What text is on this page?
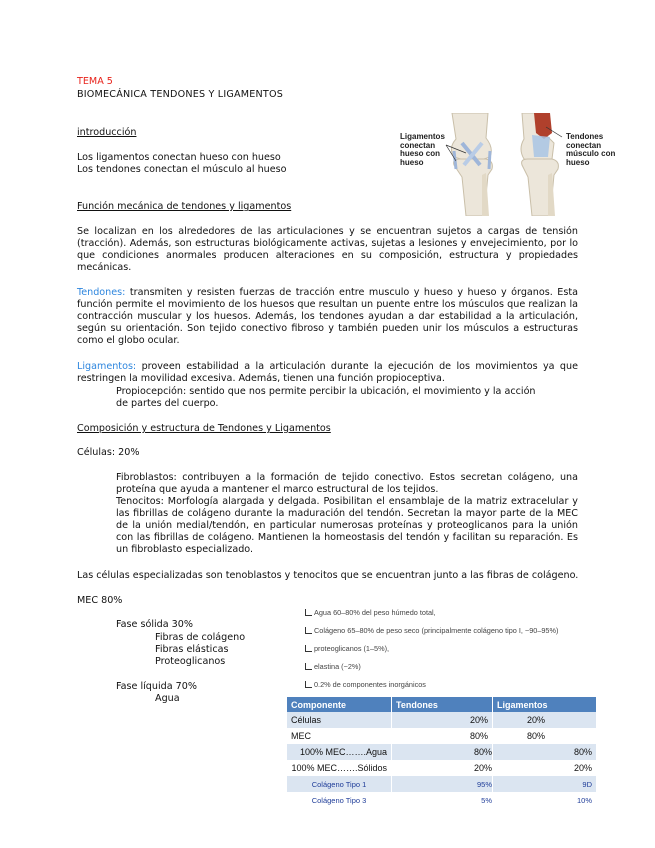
TEMA 5
BIOMECÁNICA TENDONES Y LIGAMENTOS
introducción
Los ligamentos conectan hueso con hueso
Los tendones conectan el músculo al hueso
Ligamentos
conectan
hueso con
hueso
Tendones
conectan
músculo con
hueso
Función mecánica de tendones y ligamentos
Se localizan en los alrededores de las articulaciones y se encuentran sujetos a cargas de tensión (tracción). Además, son estructuras biológicamente activas, sujetas a lesiones y envejecimiento, por lo que condiciones anormales producen alteraciones en su composición, estructura y propiedades mecánicas.
Tendones: transmiten y resisten fuerzas de tracción entre musculo y hueso y hueso y órganos. Esta función permite el movimiento de los huesos que resultan un puente entre los músculos que realizan la contracción muscular y los huesos. Además, los tendones ayudan a dar estabilidad a la articulación, según su orientación. Son tejido conectivo fibroso y también pueden unir los músculos a estructuras como el globo ocular.
Ligamentos: proveen estabilidad a la articulación durante la ejecución de los movimientos ya que restringen la movilidad excesiva. Además, tienen una función propioceptiva.
Propiocepción: sentido que nos permite percibir la ubicación, el movimiento y la acción
de partes del cuerpo.
Composición y estructura de Tendones y Ligamentos
Células: 20%
Fibroblastos: contribuyen a la formación de tejido conectivo. Estos secretan colágeno, una proteína que ayuda a mantener el marco estructural de los tejidos.
Tenocitos: Morfología alargada y delgada. Posibilitan el ensamblaje de la matriz extracelular y las fibrillas de colágeno durante la maduración del tendón. Secretan la mayor parte de la MEC de la unión medial/tendón, en particular numerosas proteínas y proteoglicanos para la unión con las fibrillas de colágeno. Mantienen la homeostasis del tendón y facilitan su reparación. Es un fibroblasto especializado.
Las células especializadas son tenoblastos y tenocitos que se encuentran junto a las fibras de colágeno.
MEC 80%
Fase sólida 30%
Fibras de colágeno
Fibras elásticas
Proteoglicanos
Fase líquida 70%
Agua
Agua 60–80% del peso húmedo total,
Colágeno 65–80% de peso seco (principalmente colágeno tipo I, ~90–95%)
proteoglicanos (1–5%),
elastina (~2%)
0.2% de componentes inorgánicos
Componente	Tendones	Ligamentos
Células	20%	20%
MEC	80%	80%
100% MEC…….Agua	80%	80%
100% MEC…….Sólidos	20%	20%
Colágeno Tipo 1	95%	9D
Colágeno Tipo 3	5%	10%
